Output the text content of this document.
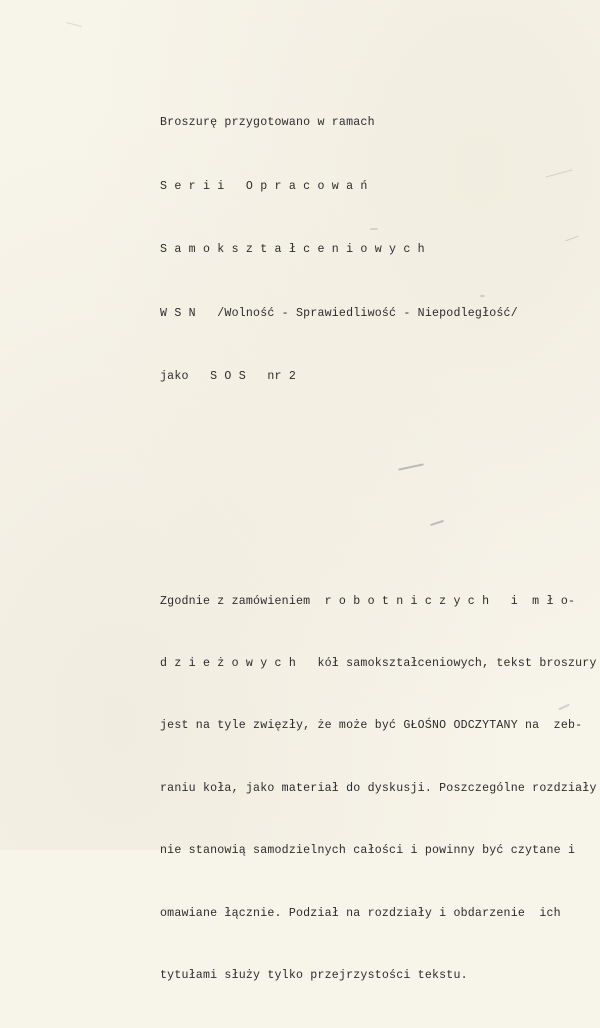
Broszurę przygotowano w ramach

S e r i i   O p r a c o w a ń

S a m o k s z t a ł c e n i o w y c h

W S N   /Wolność - Sprawiedliwość - Niepodległość/

jako   S O S   nr 2

Zgodnie z zamówieniem  r o b o t n i c z y c h   i  m ł o-

d z i e ż o w y c h   kół samokształceniowych, tekst broszury

jest na tyle zwięzły, że może być GŁOŚNO ODCZYTANY na  zeb-

raniu koła, jako materiał do dyskusji. Poszczególne rozdziały

nie stanowią samodzielnych całości i powinny być czytane i

omawiane łącznie. Podział na rozdziały i obdarzenie  ich

tytułami służy tylko przejrzystości tekstu.
